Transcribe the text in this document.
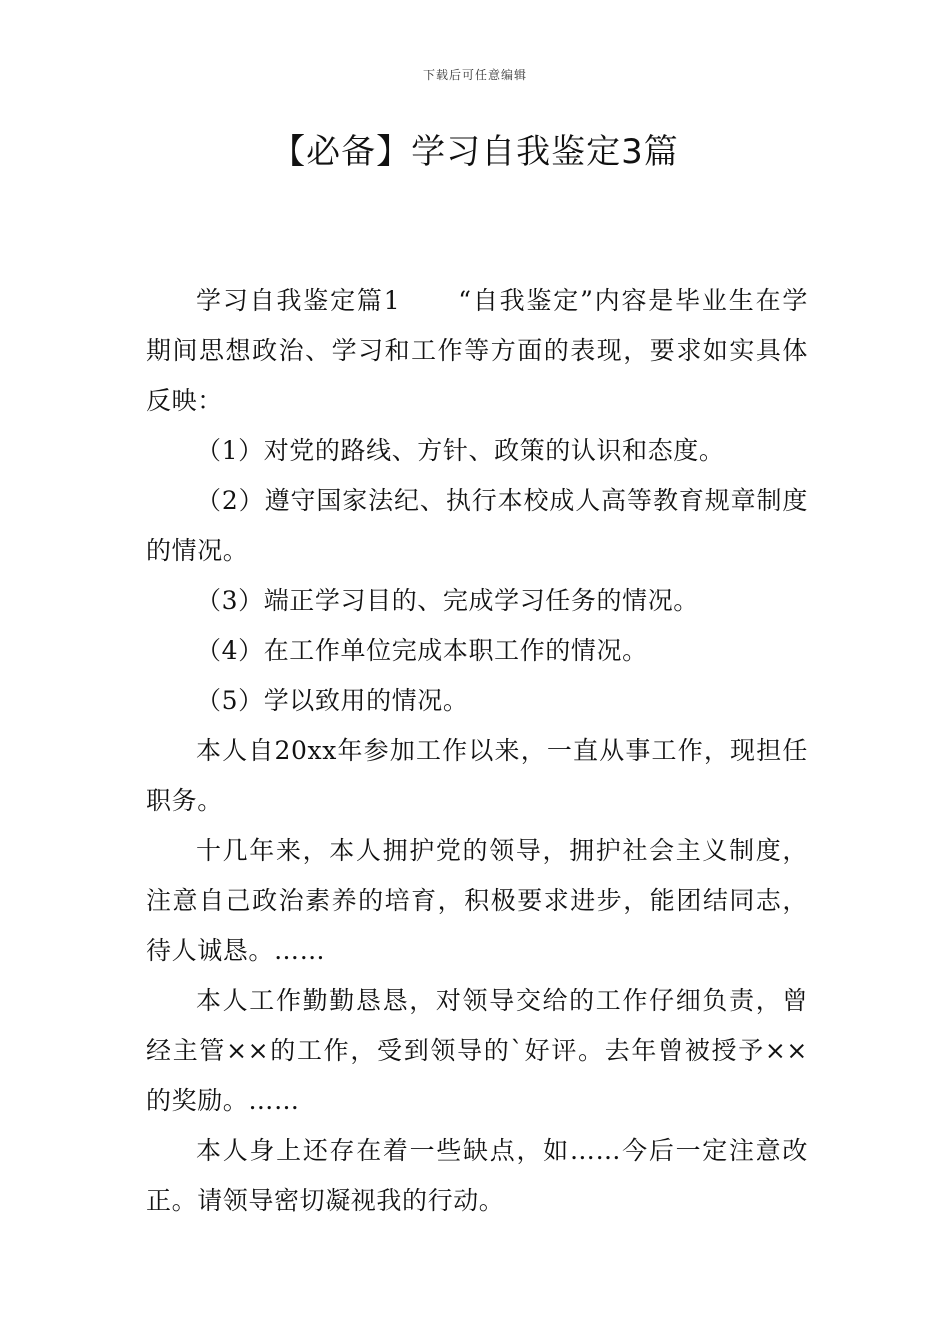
下载后可任意编辑
【必备】学习自我鉴定3篇

学习自我鉴定篇1 “自我鉴定”内容是毕业生在学期间思想政治、学习和工作等方面的表现，要求如实具体反映：

（1）对党的路线、方针、政策的认识和态度。

（2）遵守国家法纪、执行本校成人高等教育规章制度的情况。

（3）端正学习目的、完成学习任务的情况。

（4）在工作单位完成本职工作的情况。

（5）学以致用的情况。

本人自20xx年参加工作以来，一直从事工作，现担任职务。

十几年来，本人拥护党的领导，拥护社会主义制度，注意自己政治素养的培育，积极要求进步，能团结同志，待人诚恳。……

本人工作勤勤恳恳，对领导交给的工作仔细负责，曾经主管××的工作，受到领导的`好评。去年曾被授予××的奖励。……

本人身上还存在着一些缺点，如……今后一定注意改正。请领导密切凝视我的行动。
